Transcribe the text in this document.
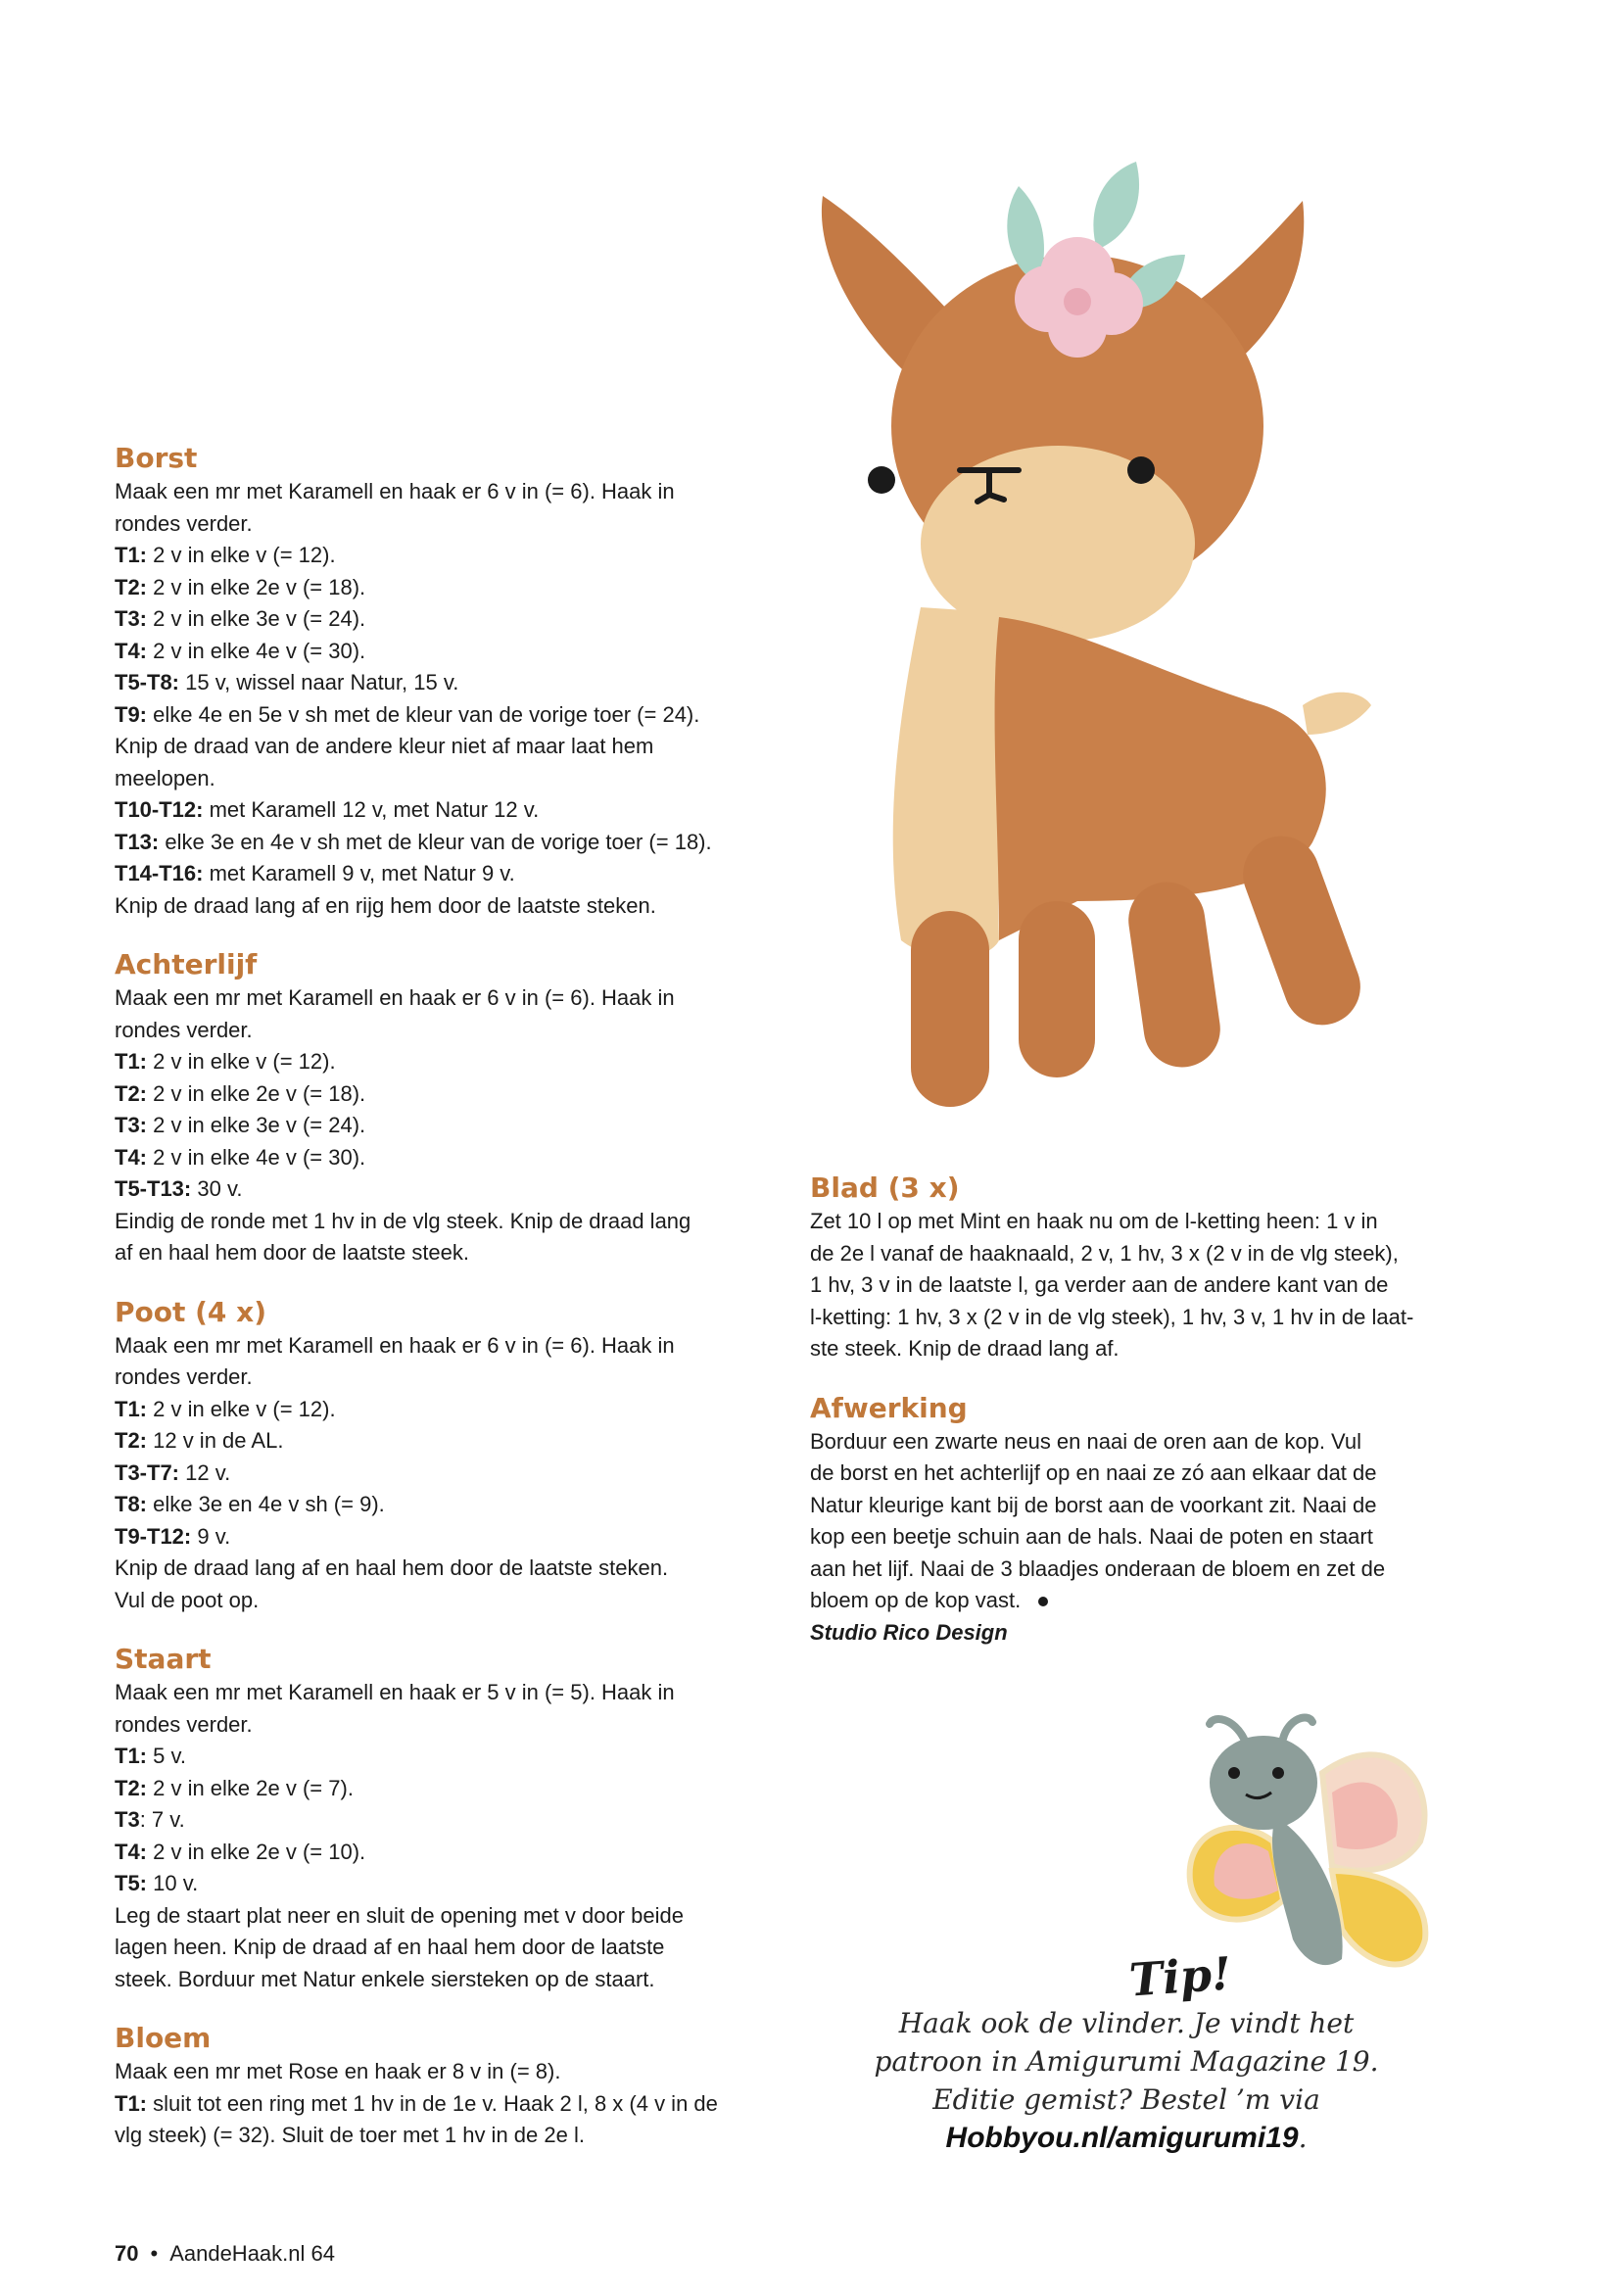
Borst

Maak een mr met Karamell en haak er 6 v in (= 6). Haak in

rondes verder.

T1: 2 v in elke v (= 12).

T2: 2 v in elke 2e v (= 18).

T3: 2 v in elke 3e v (= 24).

T4: 2 v in elke 4e v (= 30).

T5-T8: 15 v, wissel naar Natur, 15 v.

T9: elke 4e en 5e v sh met de kleur van de vorige toer (= 24).

Knip de draad van de andere kleur niet af maar laat hem

meelopen.

T10-T12: met Karamell 12 v, met Natur 12 v.

T13: elke 3e en 4e v sh met de kleur van de vorige toer (= 18).

T14-T16: met Karamell 9 v, met Natur 9 v.

Knip de draad lang af en rijg hem door de laatste steken.

Achterlijf

Maak een mr met Karamell en haak er 6 v in (= 6). Haak in

rondes verder.

T1: 2 v in elke v (= 12).

T2: 2 v in elke 2e v (= 18).

T3: 2 v in elke 3e v (= 24).

T4: 2 v in elke 4e v (= 30).

T5-T13: 30 v.

Eindig de ronde met 1 hv in de vlg steek. Knip de draad lang

af en haal hem door de laatste steek.

Poot (4 x)

Maak een mr met Karamell en haak er 6 v in (= 6). Haak in

rondes verder.

T1: 2 v in elke v (= 12).

T2: 12 v in de AL.

T3-T7: 12 v.

T8: elke 3e en 4e v sh (= 9).

T9-T12: 9 v.

Knip de draad lang af en haal hem door de laatste steken.

Vul de poot op.

Staart

Maak een mr met Karamell en haak er 5 v in (= 5). Haak in

rondes verder.

T1: 5 v.

T2: 2 v in elke 2e v (= 7).

T3: 7 v.

T4: 2 v in elke 2e v (= 10).

T5: 10 v.

Leg de staart plat neer en sluit de opening met v door beide

lagen heen. Knip de draad af en haal hem door de laatste

steek. Borduur met Natur enkele siersteken op de staart.

Bloem

Maak een mr met Rose en haak er 8 v in (= 8).

T1: sluit tot een ring met 1 hv in de 1e v. Haak 2 l, 8 x (4 v in de

vlg steek) (= 32). Sluit de toer met 1 hv in de 2e l.

Blad (3 x)

Zet 10 l op met Mint en haak nu om de l-ketting heen: 1 v in

de 2e l vanaf de haaknaald, 2 v, 1 hv, 3 x (2 v in de vlg steek),

1 hv, 3 v in de laatste l, ga verder aan de andere kant van de

l-ketting: 1 hv, 3 x (2 v in de vlg steek), 1 hv, 3 v, 1 hv in de laat-

ste steek. Knip de draad lang af.

Afwerking

Borduur een zwarte neus en naai de oren aan de kop. Vul

de borst en het achterlijf op en naai ze zó aan elkaar dat de

Natur kleurige kant bij de borst aan de voorkant zit. Naai de

kop een beetje schuin aan de hals. Naai de poten en staart

aan het lijf. Naai de 3 blaadjes onderaan de bloem en zet de

bloem op de kop vast.

Studio Rico Design

Tip!

Haak ook de vlinder. Je vindt het

patroon in Amigurumi Magazine 19.

Editie gemist? Bestel ’m via

Hobbyou.nl/amigurumi19.

70 • AandeHaak.nl 64
